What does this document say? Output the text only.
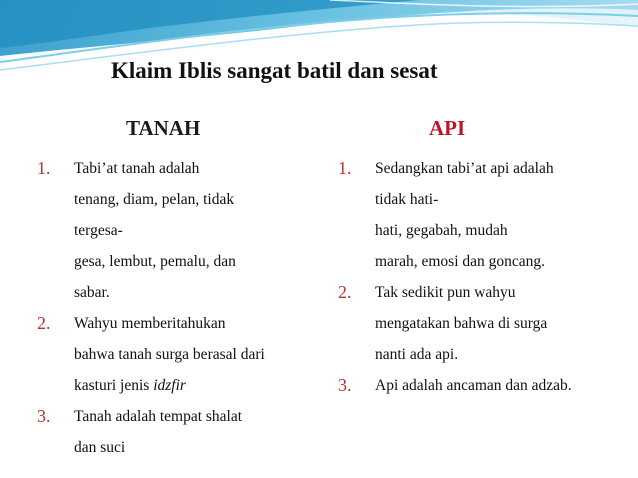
Klaim Iblis sangat batil dan sesat
TANAH	API
1.	Tabi’at tanah adalah
tenang, diam, pelan, tidak
tergesa-
gesa, lembut, pemalu, dan
sabar.
2.	Wahyu memberitahukan
bahwa tanah surga berasal dari
kasturi jenis idzfir
3.	Tanah adalah tempat shalat
dan suci
1.	Sedangkan tabi’at api adalah
tidak hati-
hati, gegabah, mudah
marah, emosi dan goncang.
2.	Tak sedikit pun wahyu
mengatakan bahwa di surga
nanti ada api.
3.	Api adalah ancaman dan adzab.
